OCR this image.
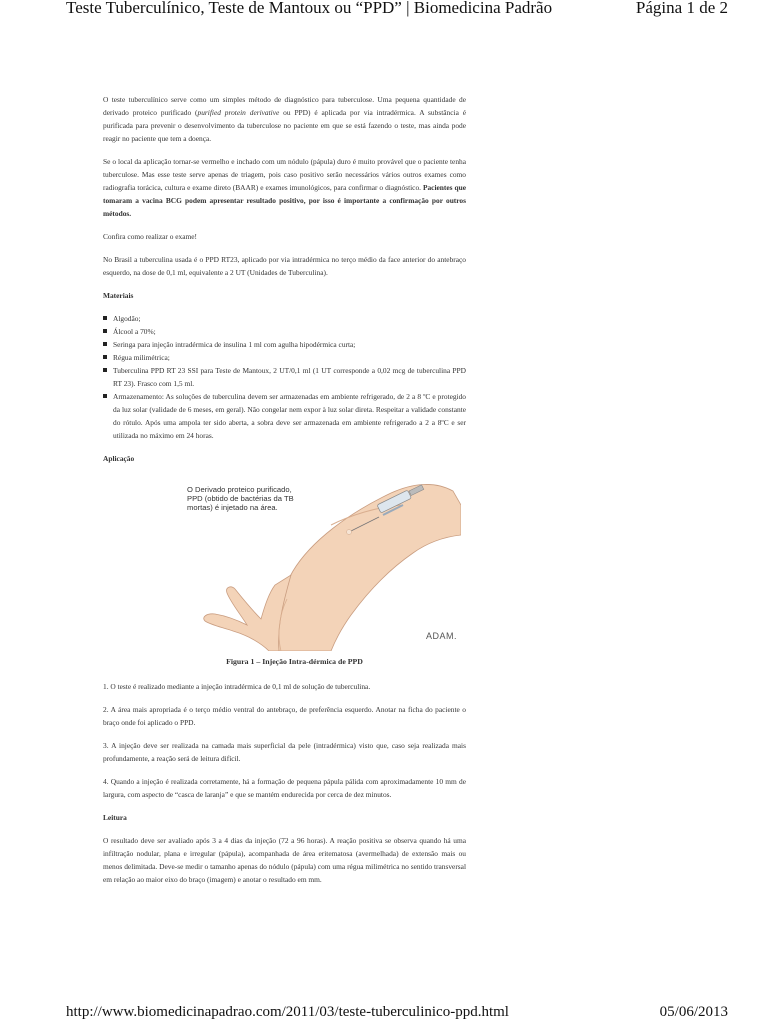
Teste Tuberculínico, Teste de Mantoux ou “PPD” | Biomedicina Padrão	Página 1 de 2

O teste tuberculínico serve como um simples método de diagnóstico para tuberculose. Uma pequena quantidade de derivado proteico purificado (purified protein derivative ou PPD) é aplicada por via intradérmica. A substância é purificada para prevenir o desenvolvimento da tuberculose no paciente em que se está fazendo o teste, mas ainda pode reagir no paciente que tem a doença.

Se o local da aplicação tornar-se vermelho e inchado com um nódulo (pápula) duro é muito provável que o paciente tenha tuberculose. Mas esse teste serve apenas de triagem, pois caso positivo serão necessários vários outros exames como radiografia torácica, cultura e exame direto (BAAR) e exames imunológicos, para confirmar o diagnóstico. Pacientes que tomaram a vacina BCG podem apresentar resultado positivo, por isso é importante a confirmação por outros métodos.

Confira como realizar o exame!

No Brasil a tuberculina usada é o PPD RT23, aplicado por via intradérmica no terço médio da face anterior do antebraço esquerdo, na dose de 0,1 ml, equivalente a 2 UT (Unidades de Tuberculina).

Materiais
Algodão;
Álcool a 70%;
Seringa para injeção intradérmica de insulina 1 ml com agulha hipodérmica curta;
Régua milimétrica;
Tuberculina PPD RT 23 SSI para Teste de Mantoux, 2 UT/0,1 ml (1 UT corresponde a 0,02 mcg de tuberculina PPD RT 23). Frasco com 1,5 ml.
Armazenamento: As soluções de tuberculina devem ser armazenadas em ambiente refrigerado, de 2 a 8 ºC e protegido da luz solar (validade de 6 meses, em geral). Não congelar nem expor à luz solar direta. Respeitar a validade constante do rótulo. Após uma ampola ter sido aberta, a sobra deve ser armazenada em ambiente refrigerado a 2 a 8ºC e ser utilizada no máximo em 24 horas.
Aplicação
O Derivado proteico purificado, PPD (obtido de bactérias da TB mortas) é injetado na área.
ADAM.
Figura 1 – Injeção Intra-dérmica de PPD

1. O teste é realizado mediante a injeção intradérmica de 0,1 ml de solução de tuberculina.

2. A área mais apropriada é o terço médio ventral do antebraço, de preferência esquerdo. Anotar na ficha do paciente o braço onde foi aplicado o PPD.

3. A injeção deve ser realizada na camada mais superficial da pele (intradérmica) visto que, caso seja realizada mais profundamente, a reação será de leitura difícil.

4. Quando a injeção é realizada corretamente, há a formação de pequena pápula pálida com aproximadamente 10 mm de largura, com aspecto de “casca de laranja” e que se mantém endurecida por cerca de dez minutos.

Leitura

O resultado deve ser avaliado após 3 a 4 dias da injeção (72 a 96 horas). A reação positiva se observa quando há uma infiltração nodular, plana e irregular (pápula), acompanhada de área eritematosa (avermelhada) de extensão mais ou menos delimitada. Deve-se medir o tamanho apenas do nódulo (pápula) com uma régua milimétrica no sentido transversal em relação ao maior eixo do braço (imagem) e anotar o resultado em mm.

http://www.biomedicinapadrao.com/2011/03/teste-tuberculinico-ppd.html	05/06/2013
